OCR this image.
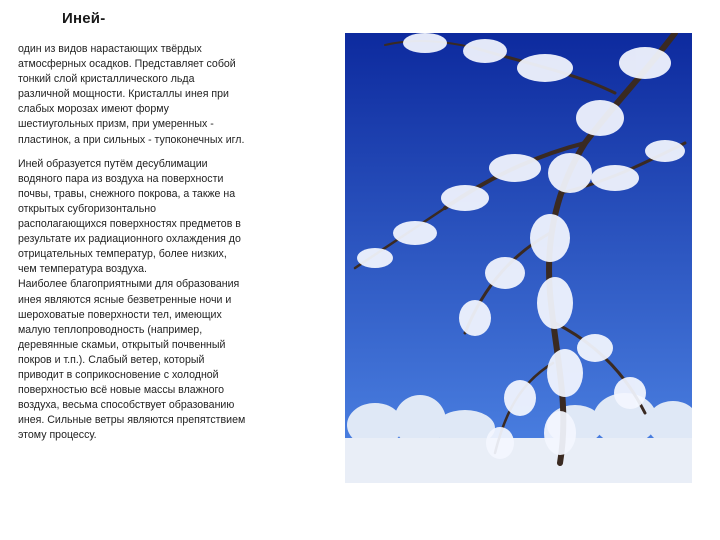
Иней-

один из видов нарастающих твёрдых
атмосферных осадков. Представляет собой
тонкий слой кристаллического льда
различной мощности. Кристаллы инея при
слабых морозах имеют форму
шестиугольных призм, при умеренных -
пластинок, а при сильных - тупоконечных игл.

Иней образуется путём десублимации
водяного пара из воздуха на поверхности
почвы, травы, снежного покрова, а также на
открытых субгоризонтально
располагающихся поверхностях предметов в
результате их радиационного охлаждения до
отрицательных температур, более низких,
чем температура воздуха.
Наиболее благоприятными для образования
инея являются ясные безветренные ночи и
шероховатые поверхности тел, имеющих
малую теплопроводность (например,
деревянные скамьи, открытый почвенный
покров и т.п.). Слабый ветер, который
приводит в соприкосновение с холодной
поверхностью всё новые массы влажного
воздуха, весьма способствует образованию
инея. Сильные ветры являются препятствием
этому процессу.
